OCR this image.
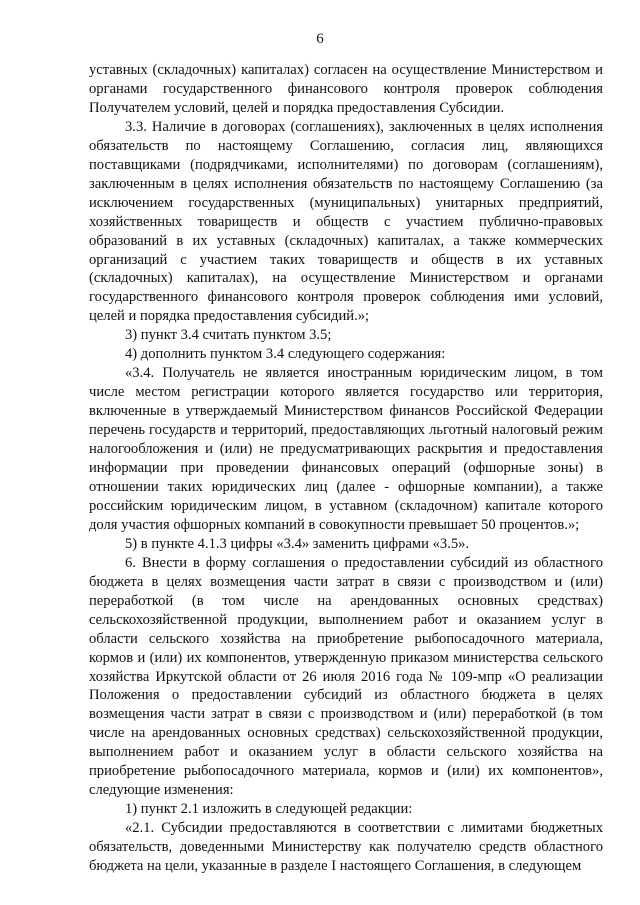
6

уставных (складочных) капиталах) согласен на осуществление Министерством и органами государственного финансового контроля проверок соблюдения Получателем условий, целей и порядка предоставления Субсидии.

3.3. Наличие в договорах (соглашениях), заключенных в целях исполнения обязательств по настоящему Соглашению, согласия лиц, являющихся поставщиками (подрядчиками, исполнителями) по договорам (соглашениям), заключенным в целях исполнения обязательств по настоящему Соглашению (за исключением государственных (муниципальных) унитарных предприятий, хозяйственных товариществ и обществ с участием публично-правовых образований в их уставных (складочных) капиталах, а также коммерческих организаций с участием таких товариществ и обществ в их уставных (складочных) капиталах), на осуществление Министерством и органами государственного финансового контроля проверок соблюдения ими условий, целей и порядка предоставления субсидий.»;

3) пункт 3.4 считать пунктом 3.5;

4) дополнить пунктом 3.4 следующего содержания:

«3.4. Получатель не является иностранным юридическим лицом, в том числе местом регистрации которого является государство или территория, включенные в утверждаемый Министерством финансов Российской Федерации перечень государств и территорий, предоставляющих льготный налоговый режим налогообложения и (или) не предусматривающих раскрытия и предоставления информации при проведении финансовых операций (офшорные зоны) в отношении таких юридических лиц (далее - офшорные компании), а также российским юридическим лицом, в уставном (складочном) капитале которого доля участия офшорных компаний в совокупности превышает 50 процентов.»;

5) в пункте 4.1.3 цифры «3.4» заменить цифрами «3.5».

6. Внести в форму соглашения о предоставлении субсидий из областного бюджета в целях возмещения части затрат в связи с производством и (или) переработкой (в том числе на арендованных основных средствах) сельскохозяйственной продукции, выполнением работ и оказанием услуг в области сельского хозяйства на приобретение рыбопосадочного материала, кормов и (или) их компонентов, утвержденную приказом министерства сельского хозяйства Иркутской области от 26 июля 2016 года № 109-мпр «О реализации Положения о предоставлении субсидий из областного бюджета в целях возмещения части затрат в связи с производством и (или) переработкой (в том числе на арендованных основных средствах) сельскохозяйственной продукции, выполнением работ и оказанием услуг в области сельского хозяйства на приобретение рыбопосадочного материала, кормов и (или) их компонентов», следующие изменения:

1) пункт 2.1 изложить в следующей редакции:

«2.1. Субсидии предоставляются в соответствии с лимитами бюджетных обязательств, доведенными Министерству как получателю средств областного бюджета на цели, указанные в разделе I настоящего Соглашения, в следующем
